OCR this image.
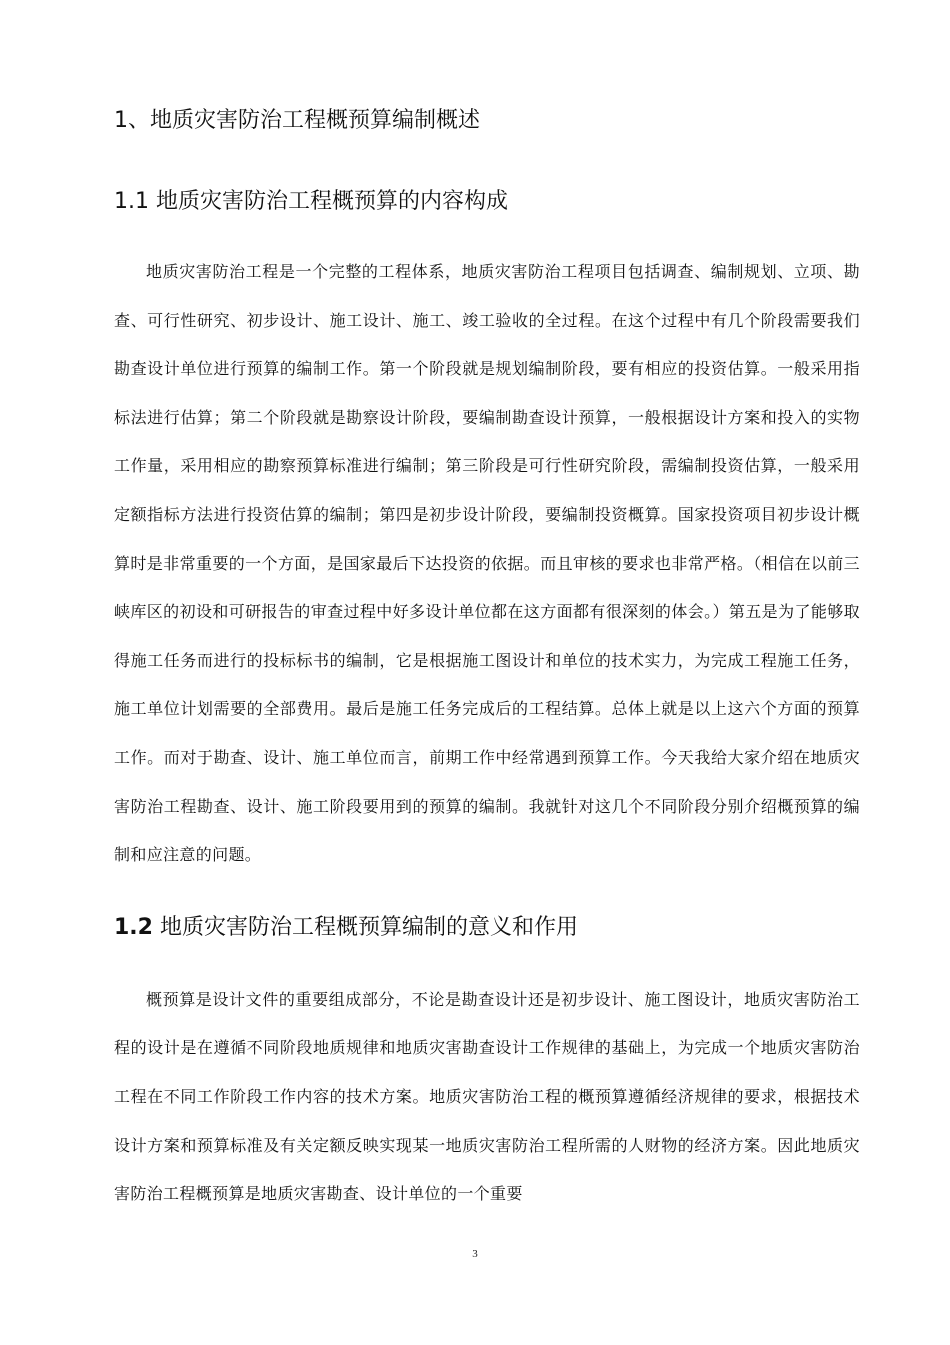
1、地质灾害防治工程概预算编制概述
1.1 地质灾害防治工程概预算的内容构成

地质灾害防治工程是一个完整的工程体系，地质灾害防治工程项目包括调查、编制规划、立项、勘查、可行性研究、初步设计、施工设计、施工、竣工验收的全过程。在这个过程中有几个阶段需要我们勘查设计单位进行预算的编制工作。第一个阶段就是规划编制阶段，要有相应的投资估算。一般采用指标法进行估算；第二个阶段就是勘察设计阶段，要编制勘查设计预算，一般根据设计方案和投入的实物工作量，采用相应的勘察预算标准进行编制；第三阶段是可行性研究阶段，需编制投资估算，一般采用定额指标方法进行投资估算的编制；第四是初步设计阶段，要编制投资概算。国家投资项目初步设计概算时是非常重要的一个方面，是国家最后下达投资的依据。而且审核的要求也非常严格。（相信在以前三峡库区的初设和可研报告的审查过程中好多设计单位都在这方面都有很深刻的体会。）第五是为了能够取得施工任务而进行的投标标书的编制，它是根据施工图设计和单位的技术实力，为完成工程施工任务，施工单位计划需要的全部费用。最后是施工任务完成后的工程结算。总体上就是以上这六个方面的预算工作。而对于勘查、设计、施工单位而言，前期工作中经常遇到预算工作。今天我给大家介绍在地质灾害防治工程勘查、设计、施工阶段要用到的预算的编制。我就针对这几个不同阶段分别介绍概预算的编制和应注意的问题。

1.2 地质灾害防治工程概预算编制的意义和作用

概预算是设计文件的重要组成部分，不论是勘查设计还是初步设计、施工图设计，地质灾害防治工程的设计是在遵循不同阶段地质规律和地质灾害勘查设计工作规律的基础上，为完成一个地质灾害防治工程在不同工作阶段工作内容的技术方案。地质灾害防治工程的概预算遵循经济规律的要求，根据技术设计方案和预算标准及有关定额反映实现某一地质灾害防治工程所需的人财物的经济方案。因此地质灾害防治工程概预算是地质灾害勘查、设计单位的一个重要

3
